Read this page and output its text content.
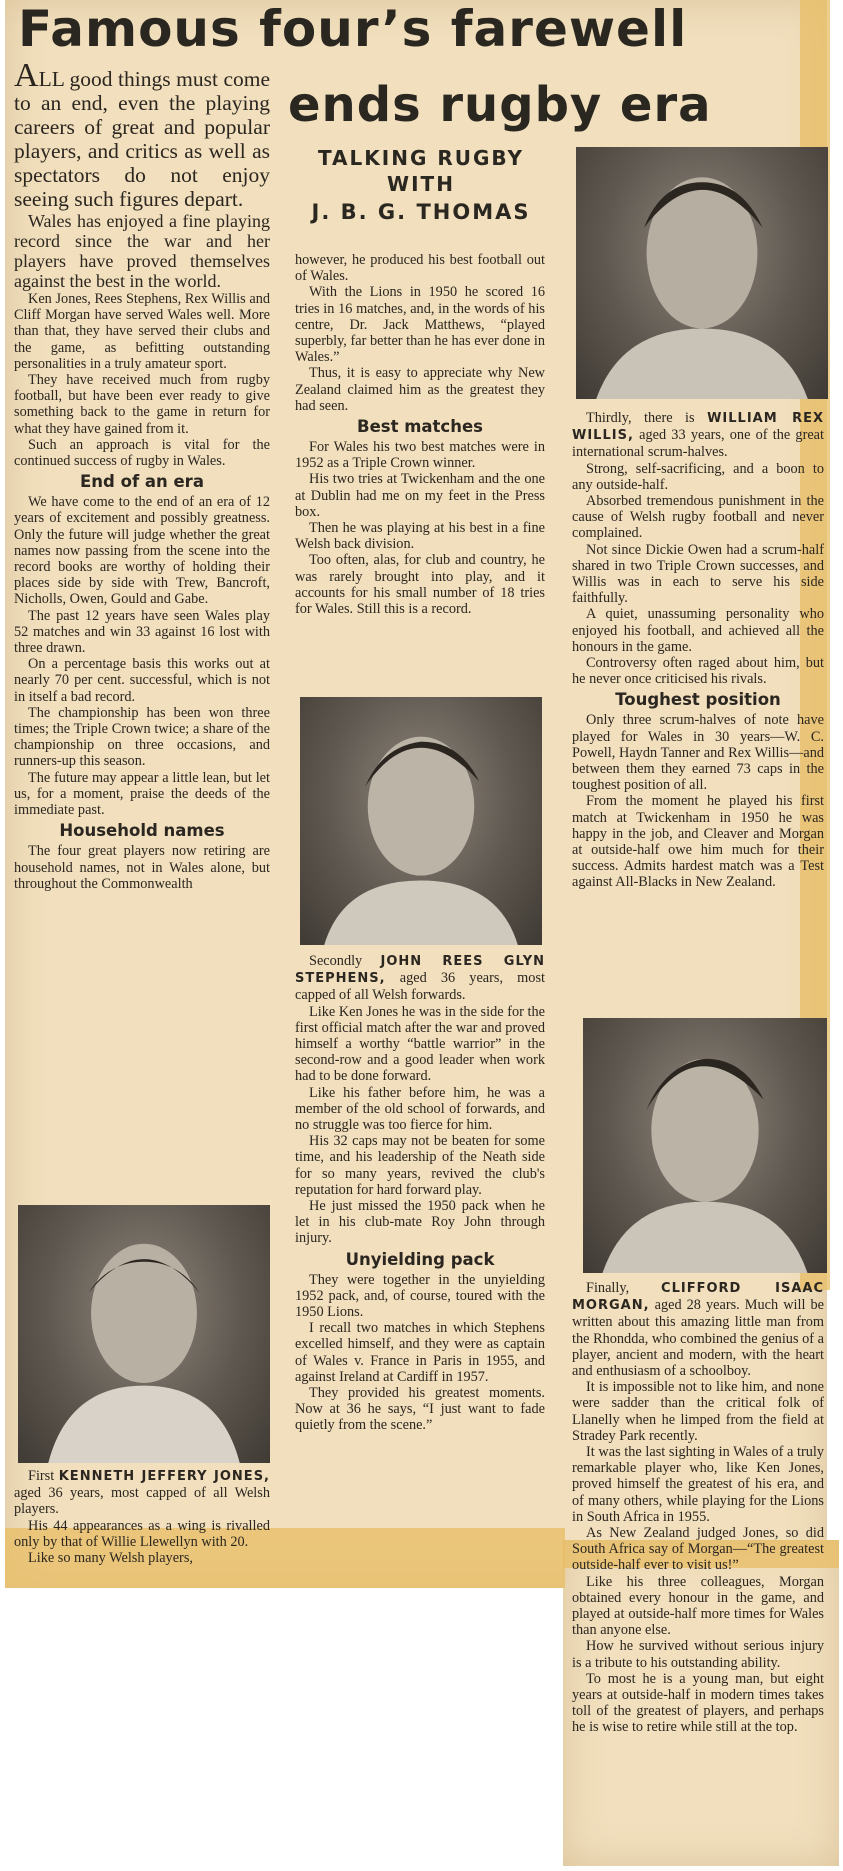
Famous four’s farewell
ends rugby era

TALKING RUGBY

WITH

J. B. G. THOMAS

ALL good things must come to an end, even the playing careers of great and popular players, and critics as well as spectators do not enjoy seeing such figures depart.

Wales has enjoyed a fine playing record since the war and her players have proved themselves against the best in the world.

Ken Jones, Rees Stephens, Rex Willis and Cliff Morgan have served Wales well. More than that, they have served their clubs and the game, as befitting outstanding personalities in a truly amateur sport.

They have received much from rugby football, but have been ever ready to give something back to the game in return for what they have gained from it.

Such an approach is vital for the continued success of rugby in Wales.

End of an era

We have come to the end of an era of 12 years of excitement and possibly greatness. Only the future will judge whether the great names now passing from the scene into the record books are worthy of holding their places side by side with Trew, Bancroft, Nicholls, Owen, Gould and Gabe.

The past 12 years have seen Wales play 52 matches and win 33 against 16 lost with three drawn.

On a percentage basis this works out at nearly 70 per cent. successful, which is not in itself a bad record.

The championship has been won three times; the Triple Crown twice; a share of the championship on three occasions, and runners-up this season.

The future may appear a little lean, but let us, for a moment, praise the deeds of the immediate past.

Household names

The four great players now retiring are household names, not in Wales alone, but throughout the Commonwealth

First KENNETH JEFFERY JONES, aged 36 years, most capped of all Welsh players.

His 44 appearances as a wing is rivalled only by that of Willie Llewellyn with 20.

Like so many Welsh players,

however, he produced his best football out of Wales.

With the Lions in 1950 he scored 16 tries in 16 matches, and, in the words of his centre, Dr. Jack Matthews, “played superbly, far better than he has ever done in Wales.”

Thus, it is easy to appreciate why New Zealand claimed him as the greatest they had seen.

Best matches

For Wales his two best matches were in 1952 as a Triple Crown winner.

His two tries at Twickenham and the one at Dublin had me on my feet in the Press box.

Then he was playing at his best in a fine Welsh back division.

Too often, alas, for club and country, he was rarely brought into play, and it accounts for his small number of 18 tries for Wales. Still this is a record.

Secondly JOHN REES GLYN STEPHENS, aged 36 years, most capped of all Welsh forwards.

Like Ken Jones he was in the side for the first official match after the war and proved himself a worthy “battle warrior” in the second-row and a good leader when work had to be done forward.

Like his father before him, he was a member of the old school of forwards, and no struggle was too fierce for him.

His 32 caps may not be beaten for some time, and his leadership of the Neath side for so many years, revived the club's reputation for hard forward play.

He just missed the 1950 pack when he let in his club-mate Roy John through injury.

Unyielding pack

They were together in the unyielding 1952 pack, and, of course, toured with the 1950 Lions.

I recall two matches in which Stephens excelled himself, and they were as captain of Wales v. France in Paris in 1955, and against Ireland at Cardiff in 1957.

They provided his greatest moments. Now at 36 he says, “I just want to fade quietly from the scene.”

Thirdly, there is WILLIAM REX WILLIS, aged 33 years, one of the great international scrum-halves.

Strong, self-sacrificing, and a boon to any outside-half.

Absorbed tremendous punishment in the cause of Welsh rugby football and never complained.

Not since Dickie Owen had a scrum-half shared in two Triple Crown successes, and Willis was in each to serve his side faithfully.

A quiet, unassuming personality who enjoyed his football, and achieved all the honours in the game.

Controversy often raged about him, but he never once criticised his rivals.

Toughest position

Only three scrum-halves of note have played for Wales in 30 years—W. C. Powell, Haydn Tanner and Rex Willis—and between them they earned 73 caps in the toughest position of all.

From the moment he played his first match at Twickenham in 1950 he was happy in the job, and Cleaver and Morgan at outside-half owe him much for their success. Admits hardest match was a Test against All-Blacks in New Zealand.

Finally, CLIFFORD ISAAC MORGAN, aged 28 years. Much will be written about this amazing little man from the Rhondda, who combined the genius of a player, ancient and modern, with the heart and enthusiasm of a schoolboy.

It is impossible not to like him, and none were sadder than the critical folk of Llanelly when he limped from the field at Stradey Park recently.

It was the last sighting in Wales of a truly remarkable player who, like Ken Jones, proved himself the greatest of his era, and of many others, while playing for the Lions in South Africa in 1955.

As New Zealand judged Jones, so did South Africa say of Morgan—“The greatest outside-half ever to visit us!”

Like his three colleagues, Morgan obtained every honour in the game, and played at outside-half more times for Wales than anyone else.

How he survived without serious injury is a tribute to his outstanding ability.

To most he is a young man, but eight years at outside-half in modern times takes toll of the greatest of players, and perhaps he is wise to retire while still at the top.
